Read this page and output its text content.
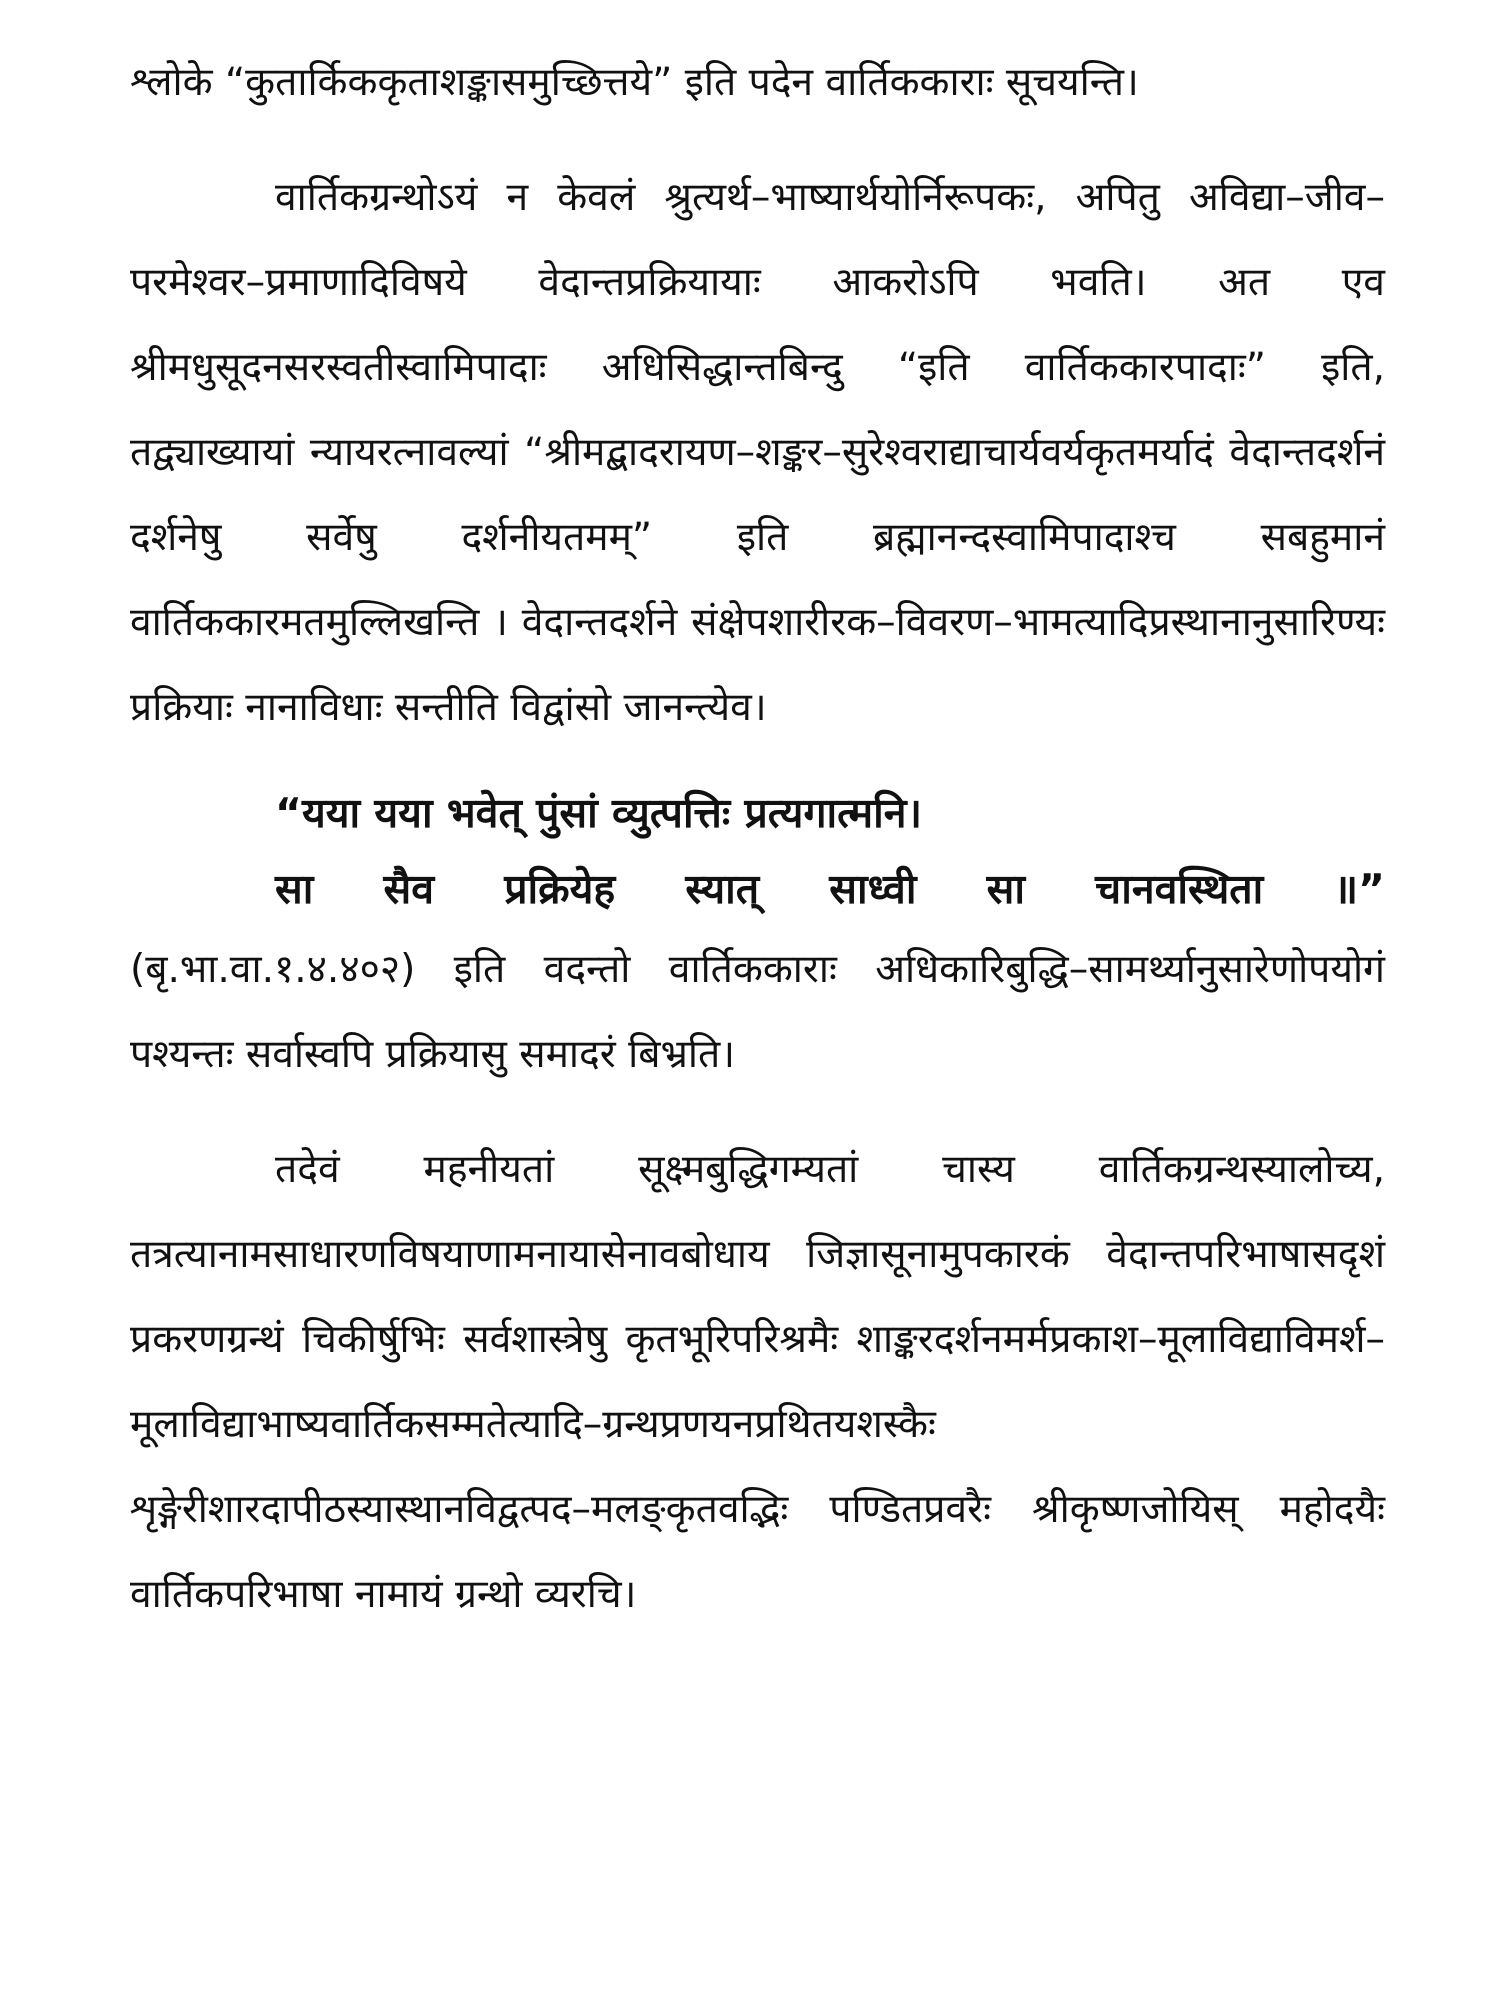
श्लोके “कुतार्किककृताशङ्कासमुच्छित्तये” इति पदेन वार्तिककाराः सूचयन्ति।

वार्तिकग्रन्थोऽयं न केवलं श्रुत्यर्थ–भाष्यार्थयोर्निरूपकः, अपितु अविद्या–जीव–परमेश्वर–प्रमाणादिविषये वेदान्तप्रक्रियायाः आकरोऽपि भवति। अत एव श्रीमधुसूदनसरस्वतीस्वामिपादाः अधिसिद्धान्तबिन्दु “इति वार्तिककारपादाः” इति, तद्व्याख्यायां न्यायरत्नावल्यां “श्रीमद्बादरायण–शङ्कर–सुरेश्वराद्याचार्यवर्यकृतमर्यादं वेदान्तदर्शनं दर्शनेषु सर्वेषु दर्शनीयतमम्” इति ब्रह्मानन्दस्वामिपादाश्च सबहुमानं वार्तिककारमतमुल्लिखन्ति । वेदान्तदर्शने संक्षेपशारीरक–विवरण–भामत्यादिप्रस्थानानुसारिण्यः प्रक्रियाः नानाविधाः सन्तीति विद्वांसो जानन्त्येव।

“यया यया भवेत् पुंसां व्युत्पत्तिः प्रत्यगात्मनि।
सा सैव प्रक्रियेह स्यात् साध्वी सा चानवस्थिता ॥”

(बृ.भा.वा.१.४.४०२) इति वदन्तो वार्तिककाराः अधिकारिबुद्धि–सामर्थ्यानुसारेणोपयोगं पश्यन्तः सर्वास्वपि प्रक्रियासु समादरं बिभ्रति।

तदेवं महनीयतां सूक्ष्मबुद्धिगम्यतां चास्य वार्तिकग्रन्थस्यालोच्य, तत्रत्यानामसाधारणविषयाणामनायासेनावबोधाय जिज्ञासूनामुपकारकं वेदान्तपरिभाषासदृशं प्रकरणग्रन्थं चिकीर्षुभिः सर्वशास्त्रेषु कृतभूरिपरिश्रमैः शाङ्करदर्शनमर्मप्रकाश–मूलाविद्याविमर्श–मूलाविद्याभाष्यवार्तिकसम्मतेत्यादि–ग्रन्थप्रणयनप्रथितयशस्कैः शृङ्गेरीशारदापीठस्यास्थानविद्वत्पद–मलङ्कृतवद्भिः पण्डितप्रवरैः श्रीकृष्णजोयिस् महोदयैः वार्तिकपरिभाषा नामायं ग्रन्थो व्यरचि।
